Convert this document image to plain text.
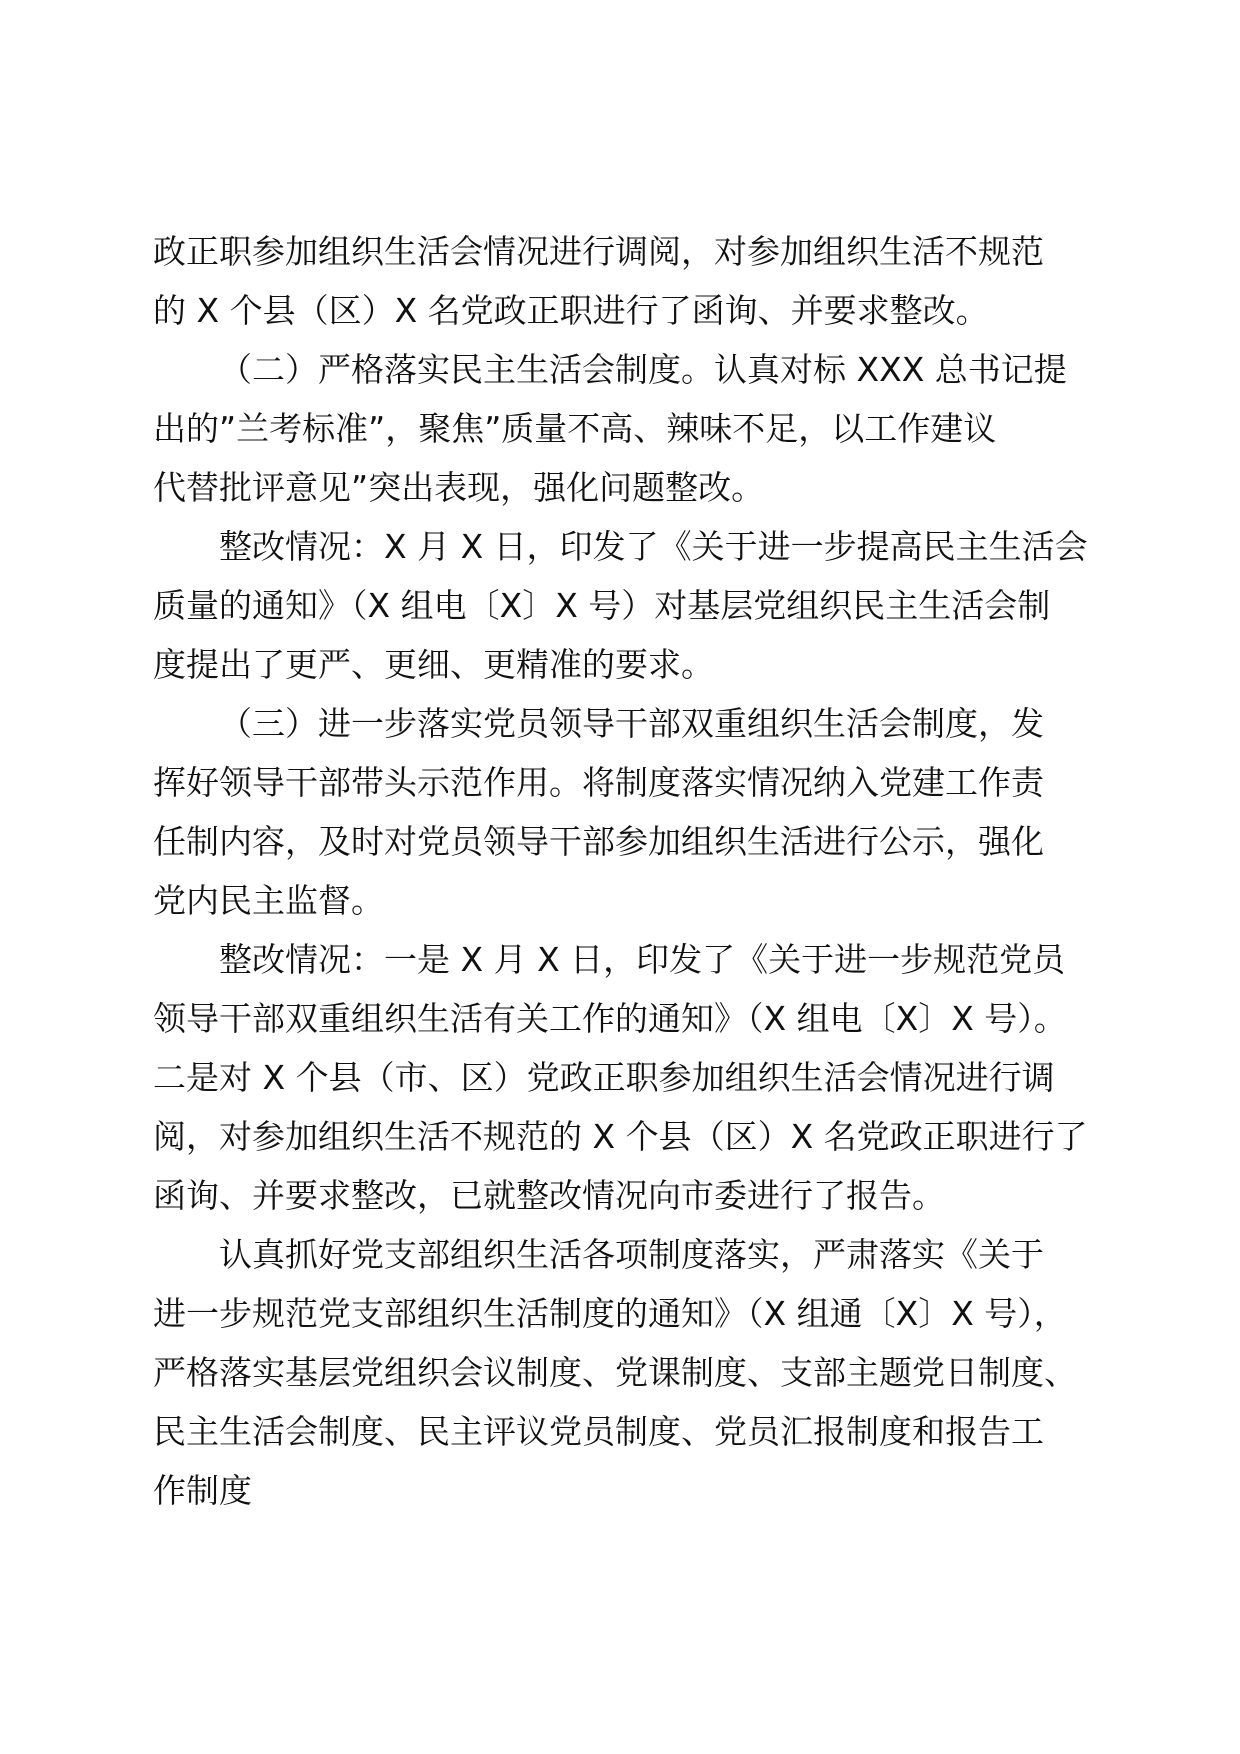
政正职参加组织生活会情况进行调阅，对参加组织生活不规范
的 X 个县（区）X 名党政正职进行了函询、并要求整改。
（二）严格落实民主生活会制度。认真对标 XXX 总书记提
出的”兰考标准”，聚焦”质量不高、辣味不足，以工作建议
代替批评意见”突出表现，强化问题整改。
整改情况：X 月 X 日，印发了《关于进一步提高民主生活会
质量的通知》（X 组电〔X〕X 号）对基层党组织民主生活会制
度提出了更严、更细、更精准的要求。
（三）进一步落实党员领导干部双重组织生活会制度，发
挥好领导干部带头示范作用。将制度落实情况纳入党建工作责
任制内容，及时对党员领导干部参加组织生活进行公示，强化
党内民主监督。
整改情况：一是 X 月 X 日，印发了《关于进一步规范党员
领导干部双重组织生活有关工作的通知》（X 组电〔X〕X 号）。
二是对 X 个县（市、区）党政正职参加组织生活会情况进行调
阅，对参加组织生活不规范的 X 个县（区）X 名党政正职进行了
函询、并要求整改，已就整改情况向市委进行了报告。
认真抓好党支部组织生活各项制度落实，严肃落实《关于
进一步规范党支部组织生活制度的通知》（X 组通〔X〕X 号），
严格落实基层党组织会议制度、党课制度、支部主题党日制度、
民主生活会制度、民主评议党员制度、党员汇报制度和报告工
作制度
